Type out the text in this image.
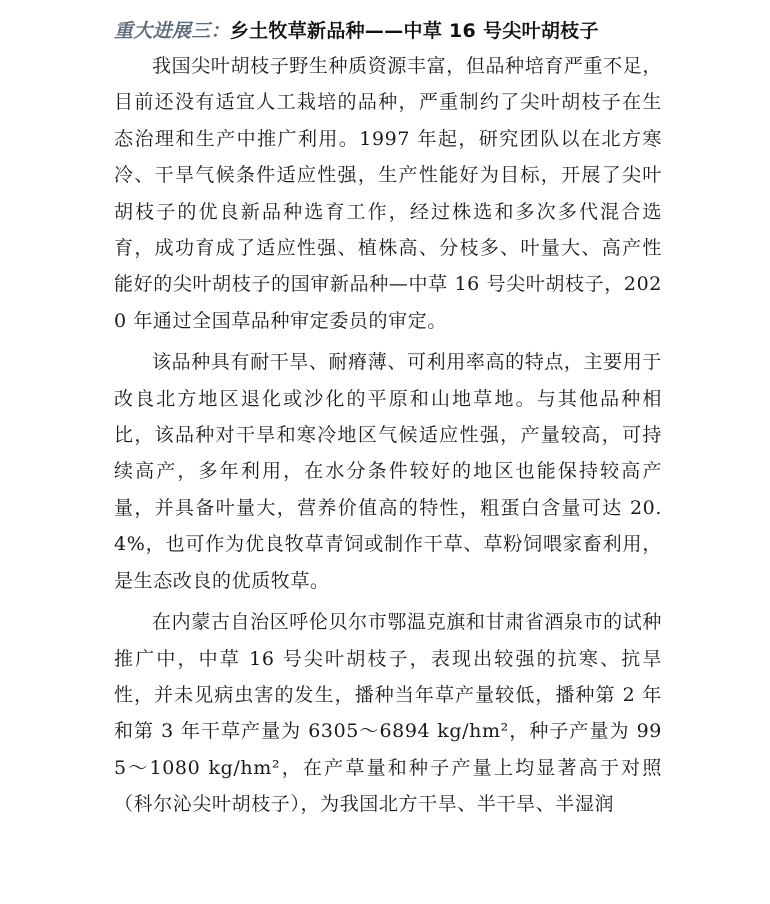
重大进展三：乡土牧草新品种——中草 16 号尖叶胡枝子

我国尖叶胡枝子野生种质资源丰富，但品种培育严重不足，目前还没有适宜人工栽培的品种，严重制约了尖叶胡枝子在生态治理和生产中推广利用。1997 年起，研究团队以在北方寒冷、干旱气候条件适应性强，生产性能好为目标，开展了尖叶胡枝子的优良新品种选育工作，经过株选和多次多代混合选育，成功育成了适应性强、植株高、分枝多、叶量大、高产性能好的尖叶胡枝子的国审新品种—中草 16 号尖叶胡枝子，2020 年通过全国草品种审定委员的审定。

该品种具有耐干旱、耐瘠薄、可利用率高的特点，主要用于改良北方地区退化或沙化的平原和山地草地。与其他品种相比，该品种对干旱和寒冷地区气候适应性强，产量较高，可持续高产，多年利用，在水分条件较好的地区也能保持较高产量，并具备叶量大，营养价值高的特性，粗蛋白含量可达 20.4%，也可作为优良牧草青饲或制作干草、草粉饲喂家畜利用，是生态改良的优质牧草。

在内蒙古自治区呼伦贝尔市鄂温克旗和甘肃省酒泉市的试种推广中，中草 16 号尖叶胡枝子，表现出较强的抗寒、抗旱性，并未见病虫害的发生，播种当年草产量较低，播种第 2 年和第 3 年干草产量为 6305～6894 kg/hm²，种子产量为 995～1080 kg/hm²，在产草量和种子产量上均显著高于对照（科尔沁尖叶胡枝子），为我国北方干旱、半干旱、半湿润
